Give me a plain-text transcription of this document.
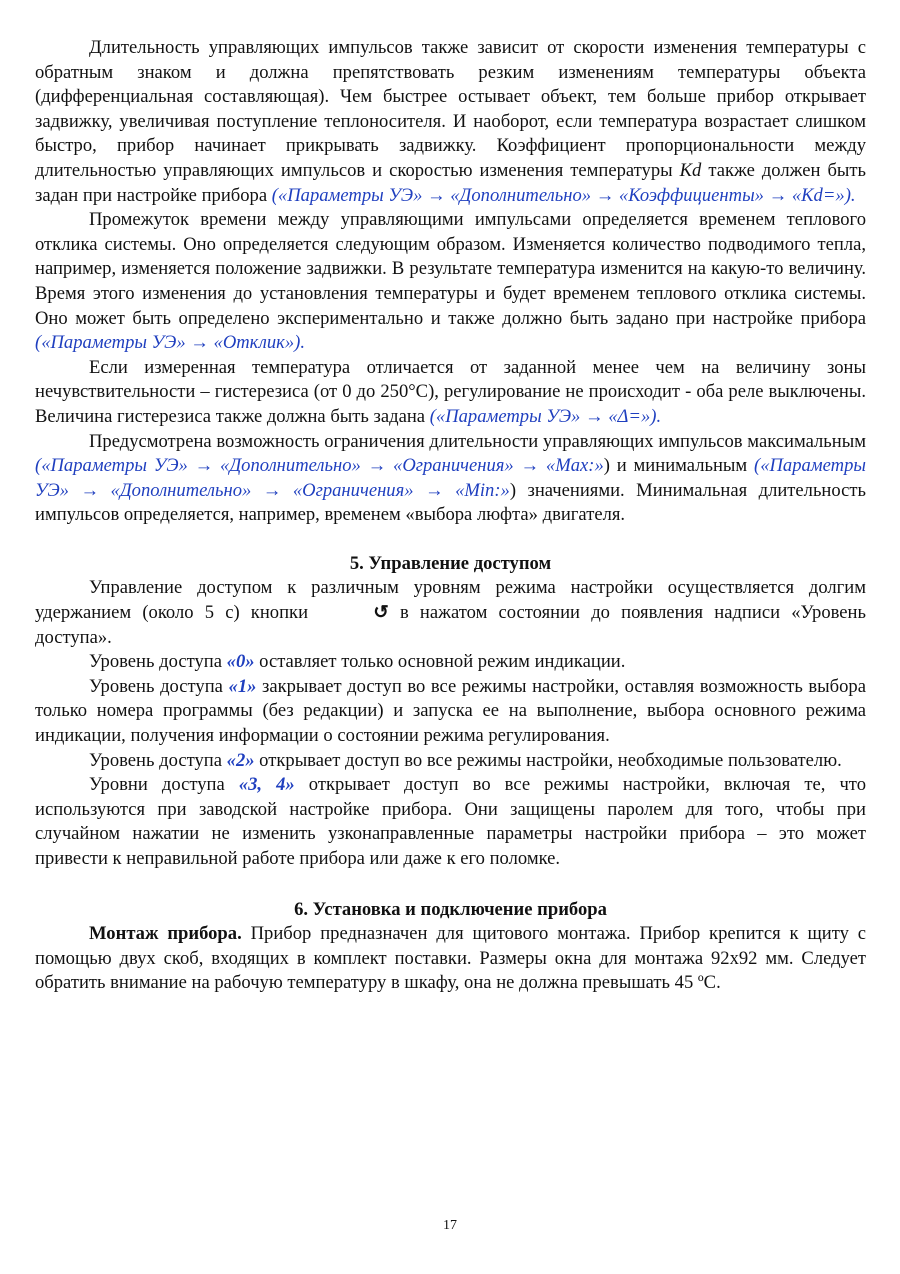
Длительность управляющих импульсов также зависит от скорости изменения температуры с обратным знаком и должна препятствовать резким изменениям температуры объекта (дифференциальная составляющая). Чем быстрее остывает объект, тем больше прибор открывает задвижку, увеличивая поступление теплоносителя. И наоборот, если температура возрастает слишком быстро, прибор начинает прикрывать задвижку. Коэффициент пропорциональности между длительностью управляющих импульсов и скоростью изменения температуры Kd также должен быть задан при настройке прибора («Параметры УЭ» → «Дополнительно» → «Коэффициенты» → «Kd=»).

Промежуток времени между управляющими импульсами определяется временем теплового отклика системы. Оно определяется следующим образом. Изменяется количество подводимого тепла, например, изменяется положение задвижки. В результате температура изменится на какую-то величину. Время этого изменения до установления температуры и будет временем теплового отклика системы. Оно может быть определено экспериментально и также должно быть задано при настройке прибора («Параметры УЭ» → «Отклик»).

Если измеренная температура отличается от заданной менее чем на величину зоны нечувствительности – гистерезиса (от 0 до 250°С), регулирование не происходит - оба реле выключены. Величина гистерезиса также должна быть задана («Параметры УЭ» → «Δ=»).

Предусмотрена возможность ограничения длительности управляющих импульсов максимальным («Параметры УЭ» → «Дополнительно» → «Ограничения» → «Max:») и минимальным («Параметры УЭ» → «Дополнительно» → «Ограничения» → «Min:») значениями. Минимальная длительность импульсов определяется, например, временем «выбора люфта» двигателя.

5. Управление доступом

Управление доступом к различным уровням режима настройки осуществляется долгим удержанием (около 5 с) кнопки	↺ в нажатом состоянии до появления надписи «Уровень доступа».

Уровень доступа «0» оставляет только основной режим индикации.

Уровень доступа «1» закрывает доступ во все режимы настройки, оставляя возможность выбора только номера программы (без редакции) и запуска ее на выполнение, выбора основного режима индикации, получения информации о состоянии режима регулирования.

Уровень доступа «2» открывает доступ во все режимы настройки, необходимые пользователю.

Уровни доступа «3, 4» открывает доступ во все режимы настройки, включая те, что используются при заводской настройке прибора. Они защищены паролем для того, чтобы при случайном нажатии не изменить узконаправленные параметры настройки прибора – это может привести к неправильной работе прибора или даже к его поломке.

6. Установка и подключение прибора

Монтаж прибора. Прибор предназначен для щитового монтажа. Прибор крепится к щиту с помощью двух скоб, входящих в комплект поставки. Размеры окна для монтажа 92х92 мм. Следует обратить внимание на рабочую температуру в шкафу, она не должна превышать 45 ºС.

17
